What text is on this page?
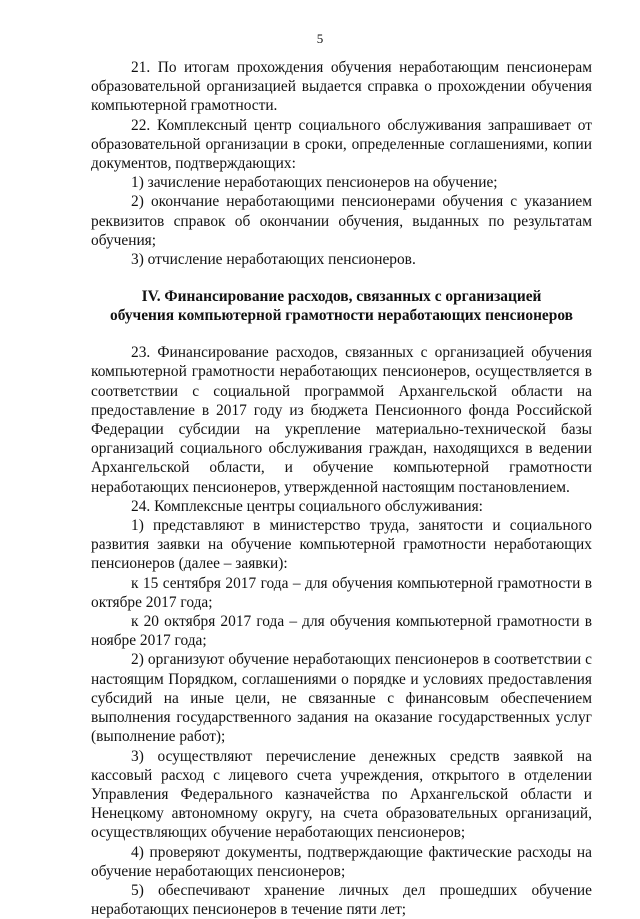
5

21. По итогам прохождения обучения неработающим пенсионерам образовательной организацией выдается справка о прохождении обучения компьютерной грамотности.

22. Комплексный центр социального обслуживания запрашивает от образовательной организации в сроки, определенные соглашениями, копии документов, подтверждающих:

1) зачисление неработающих пенсионеров на обучение;

2) окончание неработающими пенсионерами обучения с указанием реквизитов справок об окончании обучения, выданных по результатам обучения;

3) отчисление неработающих пенсионеров.

IV. Финансирование расходов, связанных с организацией
обучения компьютерной грамотности неработающих пенсионеров

23. Финансирование расходов, связанных с организацией обучения компьютерной грамотности неработающих пенсионеров, осуществляется в соответствии с социальной программой Архангельской области на предоставление в 2017 году из бюджета Пенсионного фонда Российской Федерации субсидии на укрепление материально-технической базы организаций социального обслуживания граждан, находящихся в ведении Архангельской области, и обучение компьютерной грамотности неработающих пенсионеров, утвержденной настоящим постановлением.

24. Комплексные центры социального обслуживания:

1) представляют в министерство труда, занятости и социального развития заявки на обучение компьютерной грамотности неработающих пенсионеров (далее – заявки):

к 15 сентября 2017 года – для обучения компьютерной грамотности в октябре 2017 года;

к 20 октября 2017 года – для обучения компьютерной грамотности в ноябре 2017 года;

2) организуют обучение неработающих пенсионеров в соответствии с настоящим Порядком, соглашениями о порядке и условиях предоставления субсидий на иные цели, не связанные с финансовым обеспечением выполнения государственного задания на оказание государственных услуг (выполнение работ);

3) осуществляют перечисление денежных средств заявкой на кассовый расход с лицевого счета учреждения, открытого в отделении Управления Федерального казначейства по Архангельской области и Ненецкому автономному округу, на счета образовательных организаций, осуществляющих обучение неработающих пенсионеров;

4) проверяют документы, подтверждающие фактические расходы на обучение неработающих пенсионеров;

5) обеспечивают хранение личных дел прошедших обучение неработающих пенсионеров в течение пяти лет;
